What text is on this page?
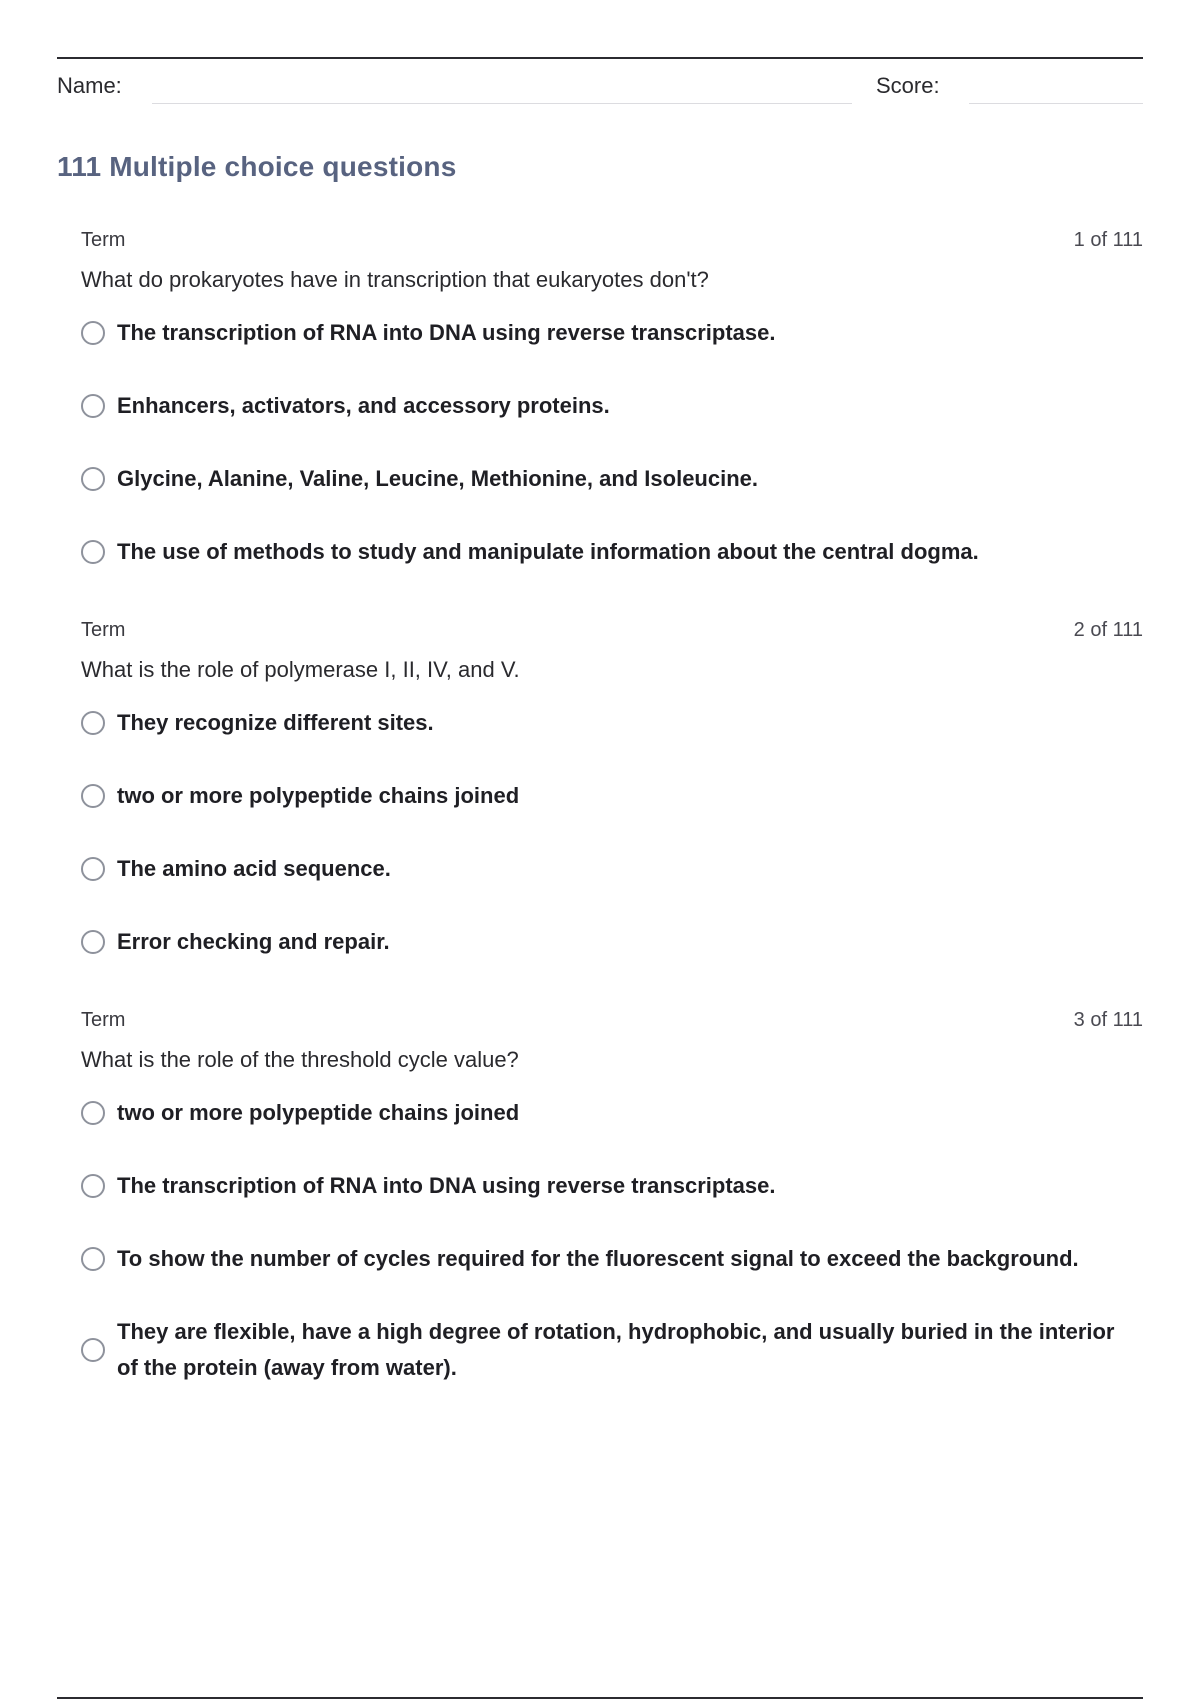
Name:	Score:
111 Multiple choice questions
Term	1 of 111
What do prokaryotes have in transcription that eukaryotes don't?
The transcription of RNA into DNA using reverse transcriptase.
Enhancers, activators, and accessory proteins.
Glycine, Alanine, Valine, Leucine, Methionine, and Isoleucine.
The use of methods to study and manipulate information about the central dogma.
Term	2 of 111
What is the role of polymerase I, II, IV, and V.
They recognize different sites.
two or more polypeptide chains joined
The amino acid sequence.
Error checking and repair.
Term	3 of 111
What is the role of the threshold cycle value?
two or more polypeptide chains joined
The transcription of RNA into DNA using reverse transcriptase.
To show the number of cycles required for the fluorescent signal to exceed the background.
They are flexible, have a high degree of rotation, hydrophobic, and usually buried in the interior of the protein (away from water).
